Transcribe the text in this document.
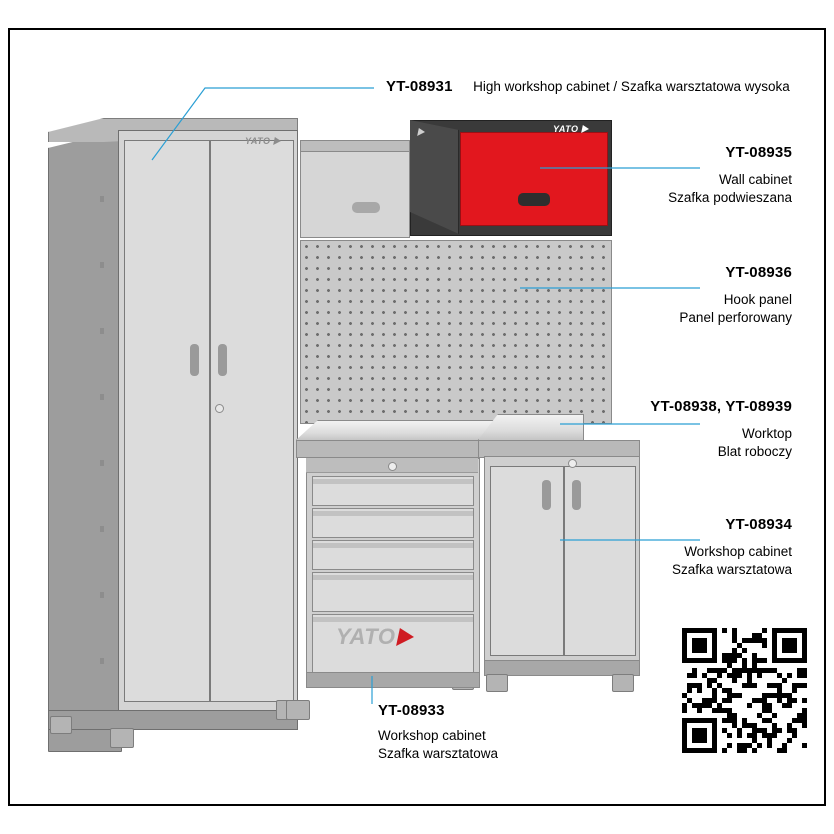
YATO
YATO
YATO
YT-08931 High workshop cabinet / Szafka warsztatowa wysoka
YT-08935
Wall cabinet
Szafka podwieszana
YT-08936
Hook panel
Panel perforowany
YT-08938, YT-08939
Worktop
Blat roboczy
YT-08934
Workshop cabinet
Szafka warsztatowa
YT-08933
Workshop cabinet
Szafka warsztatowa
